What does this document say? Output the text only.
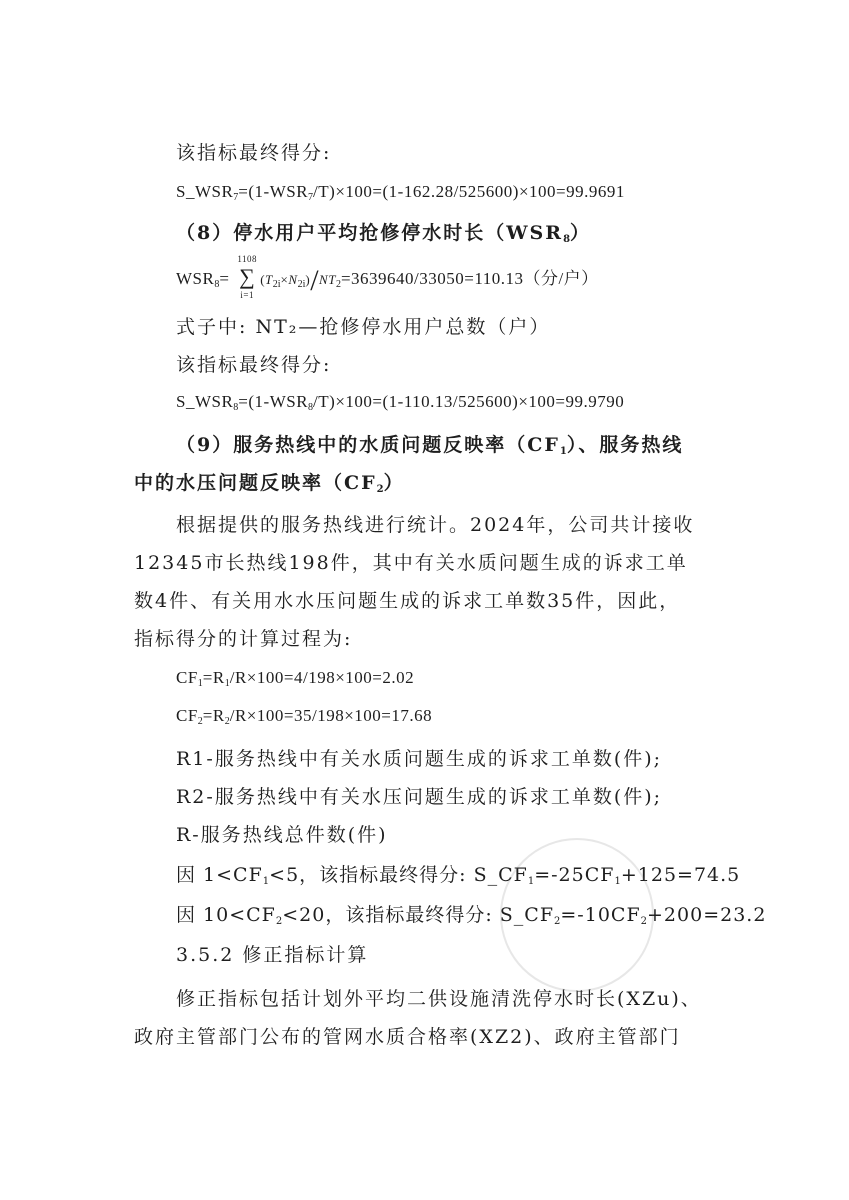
该指标最终得分:
$S\_WSR_7=(1-WSR_7/T)\times 100=(1-162.28/525600)\times 100=99.9691$
（8）停水用户平均抢修停水时长$(WSR_8)$
$WSR_8=$
1108
∑
i=1
$(T_{2i}\times N_{2i})/NT_2=3639640/33050=110.13$（分/户）
式子中: NT₂—抢修停水用户总数（户）
该指标最终得分:
$S\_WSR_8=(1-WSR_8/T)\times 100=(1-110.13/525600)\times 100=99.9790$
（9）服务热线中的水质问题反映率$(CF_1)$、服务热线
中的水压问题反映率$(CF_2)$
根据提供的服务热线进行统计。2024年，公司共计接收
12345市长热线198件，其中有关水质问题生成的诉求工单
数4件、有关用水水压问题生成的诉求工单数35件，因此，
指标得分的计算过程为:
$CF_1=R_1/R\times 100=4/198\times 100=2.02$
$CF_2=R_2/R\times 100=35/198\times 100=17.68$
R1-服务热线中有关水质问题生成的诉求工单数(件);
R2-服务热线中有关水压问题生成的诉求工单数(件);
R-服务热线总件数(件)
因 $1<CF_1<5$，该指标最终得分: $S\_CF_1=-25CF_1+125=74.5$
因 $10<CF_2<20$，该指标最终得分: $S\_CF_2=-10CF_2+200=23.2$
3.5.2 修正指标计算
修正指标包括计划外平均二供设施清洗停水时长(XZu)、
政府主管部门公布的管网水质合格率(XZ2)、政府主管部门
